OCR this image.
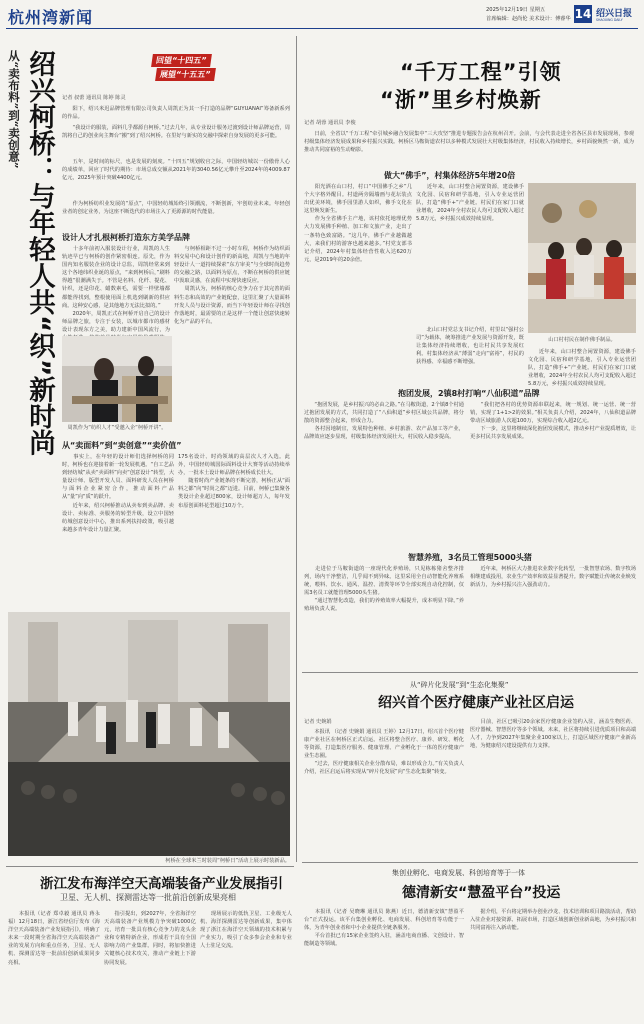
杭州湾新闻	2025年12月19日 星期五
首席编辑：赵尚伦 美术设计：傅睿华 14 绍兴日报
SHAOXING DAILY
回望“十四五”
展望“十五五”
从“卖布料”到“卖创意” 绍兴柯桥：与年轻人共“织”新时尚 记者 叔蕾 通讯员 陈婷 陈灵
　　阳下，绍兴米迟品牌管理有限公司负责人周凯正为其一手打造的品牌“GUYUANAI”筹备新系列的作品。
　　“我设计的服装，面料几乎都源自柯桥。”过去几年，从专业设计服务过渡到设计师品牌运营，周凯将自己的创业向主舞台“搬”到了绍兴柯桥。在里好与新实的交融中探索自身发展的更多可能。
　　五年，是时间的标尺，也是发展的刻度。“十四五”规划收官之际，中国轻纺城以一份傲骨人心的成绩单，回应了时代的期待：市场总成交额从2021年的3040.56亿元攀升至2024年的4009.87亿元，2025年预计突破4400亿元。
　　作为柯桥纺织业发展的“原点”，中国轻纺城始终引领潮流，不断创新，牢创纺业未来。年轻创业者的创定业务，为这座不断迭代的市场注入了更源源的时代能量。
设计人才扎根柯桥打造东方美学品牌
　　十多年前初入服装设计行业，周凯的人生轨迹早已与柯桥的创作紧密相连。原先，作为国内知名服装企业的设计总监，周凯经常来到这个各地纬织业诞的原点，“来到柯桥后，”刷料得越“很潮满失于。不管是名料、化纤、提花、针织，还是印花、蜡数素毛，需要一样壁墙都都能得找到，整根使用面上机选到刷新的供应商。这种安心感，是其他地方无法比拟的。”
　　2020年，周凯正式在柯桥开启自己的设计师品牌之旅，专注于女装，以城市都市的感材设计表现东方之美，助力建新中国风流行，为
　　与柯桥相距不过一小时车程，柯桥作为纺织面料交易中心和设计创作的新高地，周凯与当地的年轻设计人一道持续探索“东方审美”与全球时尚趋势的交融之路，以面料为原点，不断在柯桥的供应链中汲取灵感，在流程中实现快速反应。
　　周凯认为，柯桥的核心竞争力在于其完善的面料生态和高效的产业链配套，这里汇聚了大量面料开发人员与设计资源，而当下年轻设计师在寻找创作落地时，最需要的正是这样一个能让创意快速转化为产品的平台。
周凯作为“纺织人才”受邀入企“柯桥开讲”。
从“卖面料”到“卖创意”“卖价值”
　　事实上，在年轻的设计师们选择柯桥的同时，柯桥也在迎接着新一轮发展机遇。“自工艺品到轻纺城”从卖“卖面料”向卖“创意设计”转型，大量设计师、版型开发人员、面料研发人员在柯桥与面料企业紧密合作，推动面料产品从“量”向“质”的跃升。
　　近年来，绍兴柯桥推动从卖布到卖品牌、卖设计、卖标准、卖服务的转型升级，设立中国轻纺城创意设计中心，推出系列扶持政策，吸引越来越多青年设计力量汇聚。
175名设计、时尚领域的高层次人才入选。此外，中国轻纺城国际面料设计大赛等活动持续举办，一批本土设计师品牌在柯桥成长壮大。
　　随着时尚产业链条的不断完善，柯桥正从“面料之都”向“时尚之都”迈进。目前，柯桥已集聚各类设计企业超过800家，设计师超万人，每年发布原创面料花型超过10万个。
柯桥在全球米兰时装周“柯桥日”活动上展示时装新品。
“千万工程”引领
“浙”里乡村焕新
记者 胡蓉 通讯员 李俊
　　日前，全省以“千万工程”牵引城乡融合发展集中“三大攻坚”推进专题报告会在杭州召开。会前，与会代表走进全省各区县市发展现场，参观村级集体经济发展成果和乡村振兴实践。柯桥区马鞍街道农村以多种模式发展壮大村级集体经济，村民收入持续增长，乡村面貌焕然一新，成为推动共同富裕的生动缩影。
做大“佛手”，村集体经济5年增20倍
　　阳光洒在山口村，村口“中国佛手之乡”几个大字格外醒目。村道两旁隔墙画与花坛装点出优美环境，佛手园里游人如织，佛手文化在这里焕发新生。
　　作为全省佛手主产地，该村依托地理优势大力发展佛手种植、加工和文旅产业，走出了一条特色致富路。“这几年，佛手产业越做越大，来我们村的游客也越来越多。”村党支部书记介绍，2024年村集体经营性收入达620万元，是2019年的20余倍。
　　近年来，山口村整合闲置资源，建设佛手文化园、民宿和研学基地，引入专业运营团队，打造“佛手+”产业链。村民们在家门口就业增收，2024年全村农民人均可支配收入超过5.8万元，乡村振兴成效持续显现。
山口村村民在制作佛手制品。
　　北山口村党总支书记介绍，村里以“强村公司”为载体，统筹推进产业发展与资源开发，既让集体经济持续增收，也让村民共享发展红利。村集体经济从“薄弱”走向“富裕”，村民的获得感、幸福感不断增强。
　　近年来，山口村整合闲置资源，建设佛手文化园、民宿和研学基地，引入专业运营团队，打造“佛手+”产业链。村民们在家门口就业增收，2024年全村农民人均可支配收入超过5.8万元，乡村振兴成效持续显现。
抱团发展，2镇8村打响“八仙积道”品牌
　　“抱团发展，是乡村振兴的必由之路。”在马鞍街道，2个镇8个村通过抱团发展的方式，共同打造了“八仙积道”乡村区域公共品牌，将分散的资源整合起来，形成合力。
　　各村因地制宜，发展特色种植、乡村旅游、农产品加工等产业，品牌效应逐步显现，村级集体经济发展壮大，村民收入稳步提高。
　　“我们把各村的优势资源串联起来，统一规划、统一运营、统一营销，实现了1+1>2的效果。”相关负责人介绍，2024年，八仙积道品牌带动区域旅游人次超100万，实现综合收入超2亿元。
　　下一步，这里将继续深化抱团发展模式，推动乡村产业提质增效，让更多村民共享发展成果。
智慧养殖，3名员工管理5000头猪
　　走进位于马鞍街道的一座现代化养殖场，只见栋栋猪舍整齐排列，场内干净整洁，几乎闻不到异味。这里采用全自动智能化养殖系统，喂料、饮水、通风、温控、清粪等环节全部实现自动化控制，仅需3名员工就能管理5000头生猪。
　　“通过智慧化改造，我们的养殖效率大幅提升，成本明显下降。”养殖场负责人说。
　　近年来，柯桥区大力推进农业数字化转型，一批智慧农场、数字牧场相继建成投用，农业生产效率和效益显著提升。数字赋能让传统农业焕发新活力，为乡村振兴注入强劲动力。
从“碎片化发展”到“生态化集聚”
绍兴首个医疗健康产业社区启运
记者 史婉娟
　　本报讯 （记者 史婉娟 通讯员 王婷）12月17日，绍兴首个医疗健康产业社区在柯桥区正式启运。社区将整合医疗、康养、研发、孵化等资源，打造集医疗服务、健康管理、产业孵化于一体的医疗健康产业生态圈。
　　“过去，医疗健康相关企业分散布局，难以形成合力。”有关负责人介绍，社区启运后将实现从“碎片化发展”向“生态化集聚”转变。
　　目前，社区已吸引20余家医疗健康企业签约入驻，涵盖生物医药、医疗器械、智慧医疗等多个领域。未来，社区将持续引进优质项目和高端人才，力争到2027年集聚企业100家以上，打造区域医疗健康产业新高地，为健康绍兴建设提供有力支撑。
浙江发布海洋空天高端装备产业发展指引
卫星、无人机、探测雷达等一批前沿创新成果亮相
　　本报讯（记者 郑卓毅 通讯员 蒋永福）12月18日，浙江省经信厅发布《海洋空天高端装备产业发展指引》，明确了未来一段时期全省海洋空天高端装备产业的发展方向和重点任务，卫星、无人机、探测雷达等一批前沿创新成果同步亮相。
　　指引提出，到2027年，全省海洋空天高端装备产业规模力争突破1000亿元，培育一批具有核心竞争力的龙头企业和专精特新企业，形成若干具有全国影响力的产业集群。同时，将加快推进关键核心技术攻关，推动产业链上下游协同发展。
　　现场展示的低轨卫星、工业级无人机、海洋探测雷达等创新成果，集中体现了浙江在海洋空天领域的技术积累与产业实力，吸引了众多参会企业和专业人士驻足交流。
集创业孵化、电商发展、科创培育等于一体
德清新安“慧盈平台”投运
　　本报讯（记者 吴晓琳 通讯员 陈燕）近日，德清新安镇“慧盈平台”正式投运。该平台集创业孵化、电商发展、科创培育等功能于一体，为青年创业者和中小企业提供全链条服务。
　　平台首批已有15家企业签约入驻，涵盖电商直播、文创设计、智能制造等领域。
　　据介绍，平台将定期举办创业沙龙、技术培训和项目路演活动，帮助入驻企业对接资源、拓展市场，打造区域创新创业新高地，为乡村振兴和共同富裕注入新动能。
